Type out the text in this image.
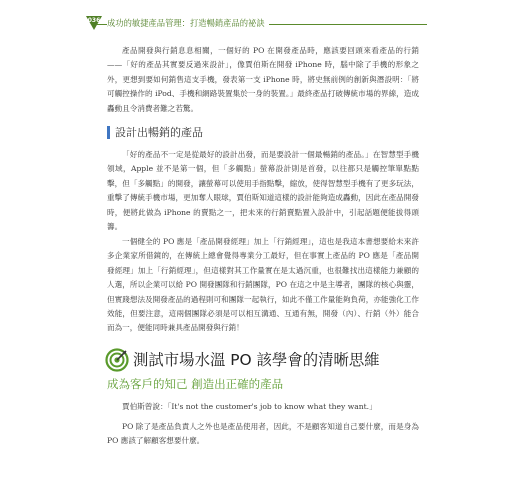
036 成功的敏捷產品管理：打造暢銷產品的祕訣

產品開發與行銷息息相關，一個好的 PO 在開發產品時，應該要回頭來看產品的行銷——「好的產品其實要反過來設計」，像賈伯斯在開發 iPhone 時，腦中除了手機的形象之外，更想到要如何銷售這支手機，發表第一支 iPhone 時，將史無前例的創新與潛設明：「將可觸控操作的 iPod、手機和網路裝置集於一身的裝置。」最終產品打破傳統市場的界線，造成轟動且令消費者難之若驚。

設計出暢銷的產品

「好的產品不一定是從最好的設計出發，而是要設計一個最暢銷的產品。」在智慧型手機領域，Apple 並不是第一個，但「多觸點」螢幕設計則是首發，以往都只是觸控筆單點點擊，但「多觸點」的開發，讓螢幕可以使用手指點擊，縮放，使得智慧型手機有了更多玩法，重擊了傳統手機市場，更加奪人眼球，賈伯斯知道這樣的設計能夠造成轟動，因此在產品開發時，便將此做為 iPhone 的賣點之一，把未來的行銷賣點置入設計中，引起話題便能拔得頭籌。

一個健全的 PO 應是「產品開發經理」加上「行銷經理」，這也是我這本書想要給未來許多企業家所借鏡的，在傳統上總會覺得專業分工最好，但在事實上產品的 PO 應是「產品開發經理」加上「行銷經理」，但這樣對其工作量實在是太過沉重，也很難找出這樣能力兼顧的人選，所以企業可以給 PO 開發團隊和行銷團隊，PO 在這之中是主導者，團隊的核心與靈，但實踐想法及開發產品的過程則可和團隊一起執行，如此不僅工作量能夠負荷，亦能強化工作效能，但要注意，這兩個團隊必須是可以相互溝通、互通有無，開發（內）、行銷（外）能合而為一，便能同時兼具產品開發與行銷！

測試市場水溫 PO 該學會的清晰思維
成為客戶的知己 創造出正確的產品

賈伯斯曾說：「It's not the customer's job to know what they want.」

PO 除了是產品負責人之外也是產品使用者，因此，不是顧客知道自己要什麼，而是身為 PO 應該了解顧客想要什麼。
